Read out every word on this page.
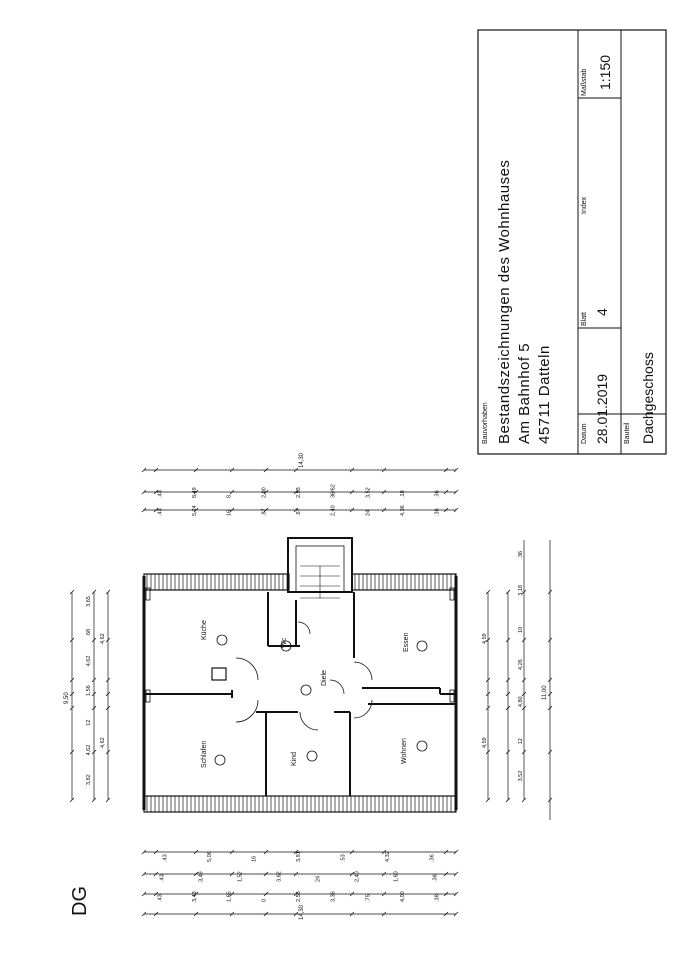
Küche
Wc
Diele
Essen
Schlafen	Kind	Wohnen
DG
14,30
14,30
9,50	11,00
.43	8,49	8	2,00	2,53	36/62	3,52	.18	.36
.43	5,24	16	.87	.67	2,40	24	4,36	.36
.43	5,06	16	3,91	.53	4,32	.36
.43	3,49	1,52	3,62	24	2,40	1,60	.36
.43	3,43	1,65	0	2,55	3,36	.75	4,00	.38
3,65
.68
4,62
1,56
12
4,62
3,82
4,62
4,62
.36
3,18
10
4,26
4,80
12
3,52
4,59
4,59
Bauvorhaben Bestandszeichnungen des Wohnhauses Am Bahnhof 5 45711 Datteln	Datum 28.01.2019
Blatt 4
Index
Maßstab 1:150
Bauteil Dachgeschoss
